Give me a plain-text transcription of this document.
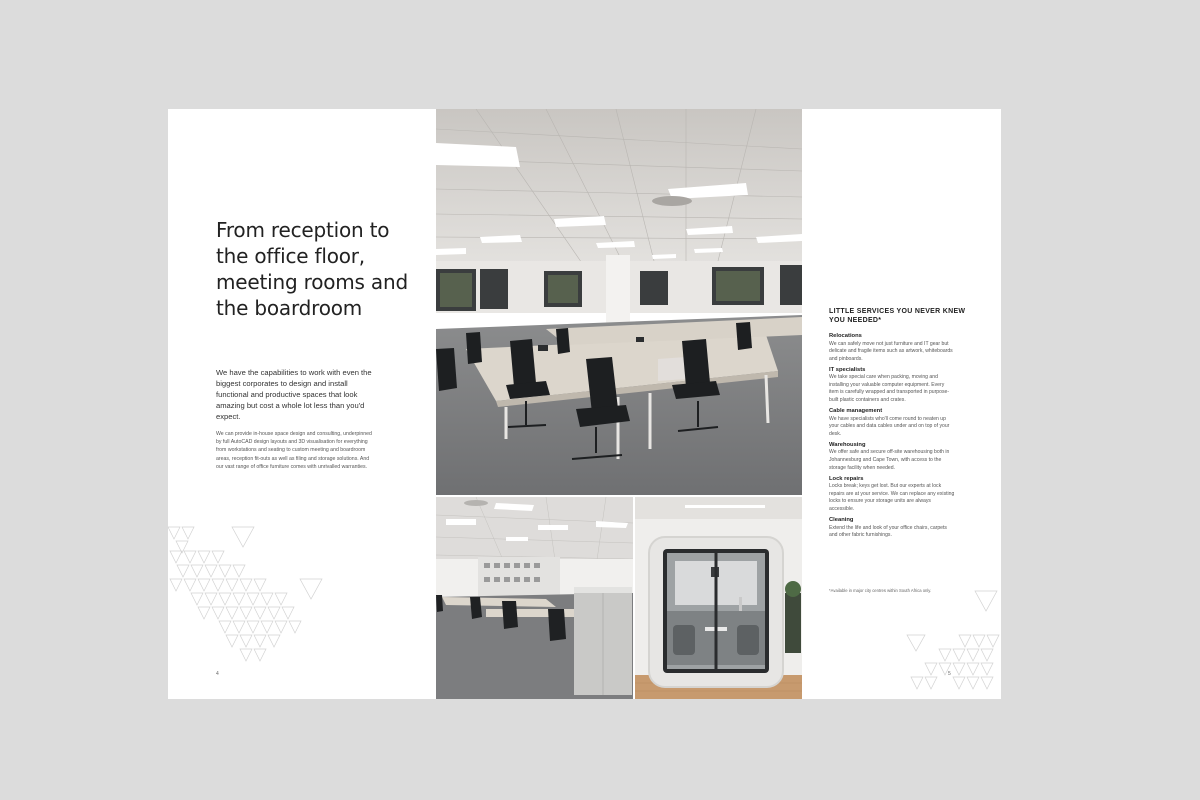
From reception to the office floor, meeting rooms and the boardroom

We have the capabilities to work with even the biggest corporates to design and install functional and productive spaces that look amazing but cost a whole lot less than you'd expect.

We can provide in-house space design and consulting, underpinned by full AutoCAD design layouts and 3D visualisation for everything from workstations and seating to custom meeting and boardroom areas, reception fit-outs as well as filing and storage solutions. And our vast range of office furniture comes with unrivalled warranties.

4
LITTLE SERVICES YOU NEVER KNEW YOU NEEDED*

Relocations

We can safely move not just furniture and IT gear but delicate and fragile items such as artwork, whiteboards and pinboards.

IT specialists

We take special care when packing, moving and installing your valuable computer equipment. Every item is carefully wrapped and transported in purpose-built plastic containers and crates.

Cable management

We have specialists who'll come round to neaten up your cables and data cables under and on top of your desk.

Warehousing

We offer safe and secure off-site warehousing both in Johannesburg and Cape Town, with access to the storage facility when needed.

Lock repairs

Locks break; keys get lost. But our experts at lock repairs are at your service. We can replace any existing locks to ensure your storage units are always accessible.

Cleaning

Extend the life and look of your office chairs, carpets and other fabric furnishings.

*Available in major city centres within South Africa only.

5
